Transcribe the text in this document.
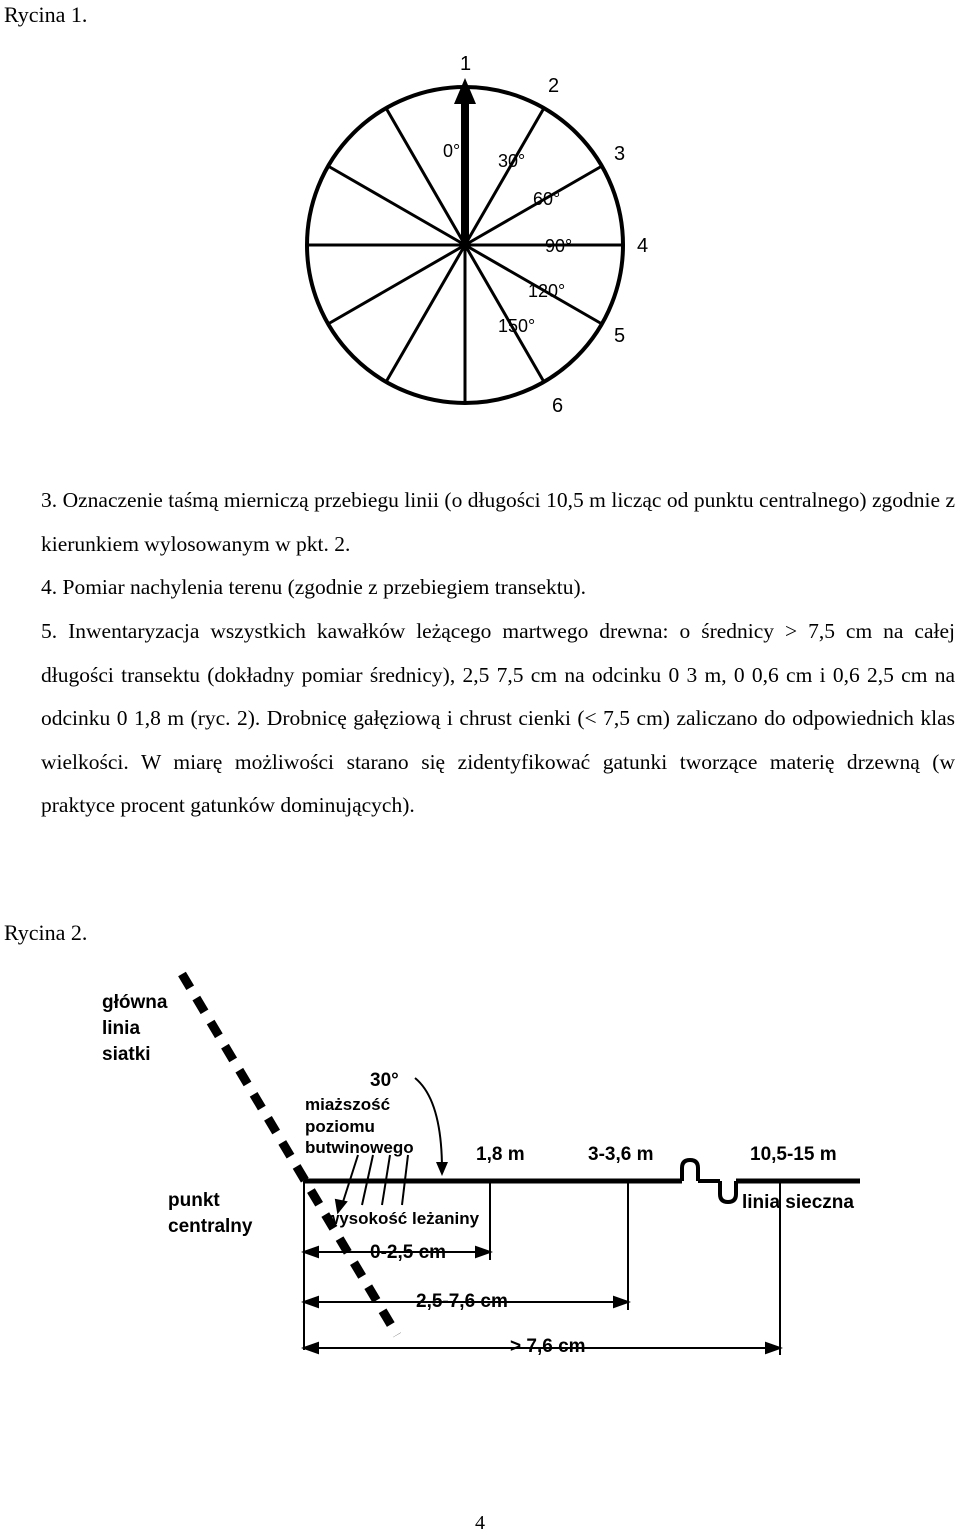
Rycina 1.
1
2
3
4
5
6
0° 30°
60°
90°
120°
150°
3. Oznaczenie taśmą mierniczą przebiegu linii (o długości 10,5 m licząc od punktu centralnego) zgodnie z kierunkiem wylosowanym w pkt. 2.
4. Pomiar nachylenia terenu (zgodnie z przebiegiem transektu).
5. Inwentaryzacja wszystkich kawałków leżącego martwego drewna: o średnicy > 7,5 cm na całej długości transektu (dokładny pomiar średnicy), 2,5 7,5 cm na odcinku 0 3 m, 0 0,6 cm i 0,6 2,5 cm na odcinku 0 1,8 m (ryc. 2). Drobnicę gałęziową i chrust cienki (< 7,5 cm) zaliczano do odpowiednich klas wielkości. W miarę możliwości starano się zidentyfikować gatunki tworzące materię drzewną (w praktyce procent gatunków dominujących).
Rycina 2.
główna
linia
siatki
30°
miaższość
poziomu
butwinowego	1,8 m	3-3,6 m	10,5-15 m
punkt
centralny	wysokość leżaniny
linia sieczna
0-2,5 cm
2,5-7,6 cm
> 7,6 cm
4
